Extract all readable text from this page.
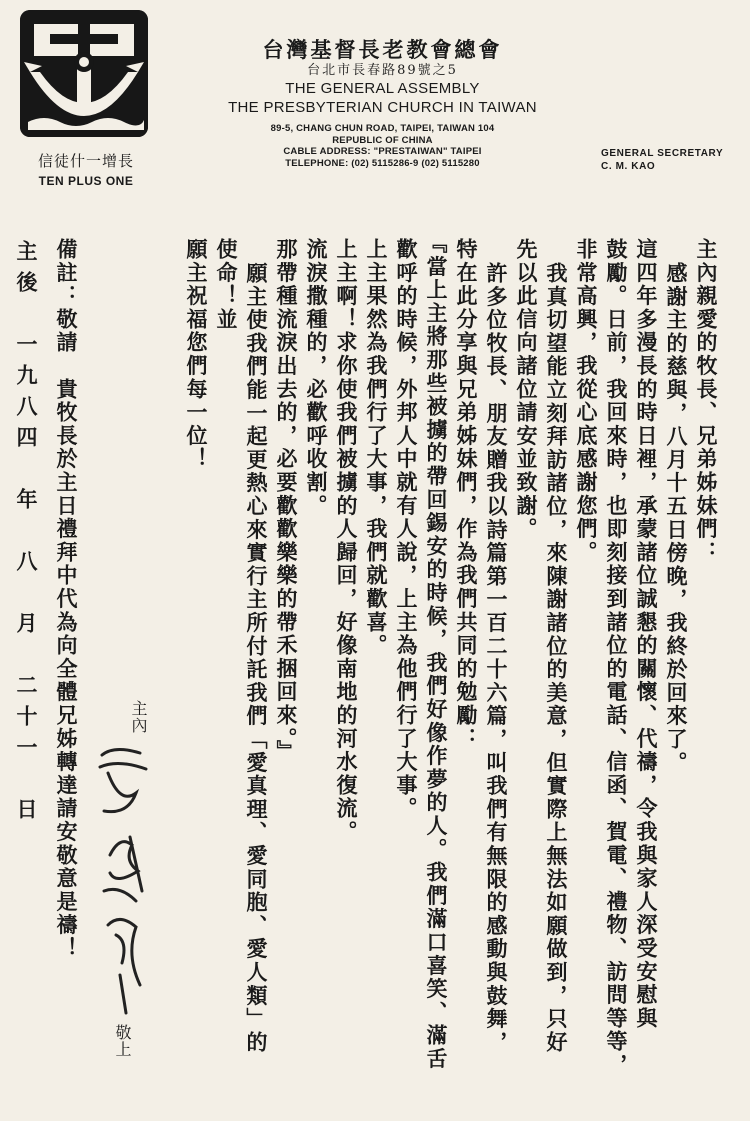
信徒什一增長
TEN PLUS ONE
台灣基督長老教會總會
台北市長春路89號之5
THE GENERAL ASSEMBLY
THE PRESBYTERIAN CHURCH IN TAIWAN
89-5, CHANG CHUN ROAD, TAIPEI, TAIWAN 104
REPUBLIC OF CHINA
CABLE ADDRESS: "PRESTAIWAN" TAIPEI
TELEPHONE: (02) 5115286-9 (02) 5115280
GENERAL SECRETARY
C. M. KAO
主內親愛的牧長、兄弟姊妹們：
感謝主的慈與，八月十五日傍晚，我終於回來了。
這四年多漫長的時日裡，承蒙諸位誠懇的關懷、代禱，令我與家人深受安慰與
鼓勵。日前，我回來時，也即刻接到諸位的電話、信函、賀電、禮物、訪問等等，
非常高興，我從心底感謝您們。
我真切望能立刻拜訪諸位，來陳謝諸位的美意，但實際上無法如願做到，只好
先以此信向諸位請安並致謝。
許多位牧長、朋友贈我以詩篇第一百二十六篇，叫我們有無限的感動與鼓舞，
特在此分享與兄弟姊妹們，作為我們共同的勉勵：
『當上主將那些被擄的帶回錫安的時候，我們好像作夢的人。我們滿口喜笑、滿舌
歡呼的時候，外邦人中就有人說，上主為他們行了大事。
上主果然為我們行了大事，我們就歡喜。
上主啊！求你使我們被擄的人歸回，好像南地的河水復流。
流淚撒種的，必歡呼收割。
那帶種流淚出去的，必要歡歡樂樂的帶禾捆回來。』
願主使我們能一起更熱心來實行主所付託我們「愛真理、愛同胞、愛人類」的
使命！並
願主祝福您們每一位！
主內
敬上
備註：敬請　貴牧長於主日禮拜中代為向全體兄姊轉達請安敬意是禱！
主後　一九八四　年　八　月　二十一　日
